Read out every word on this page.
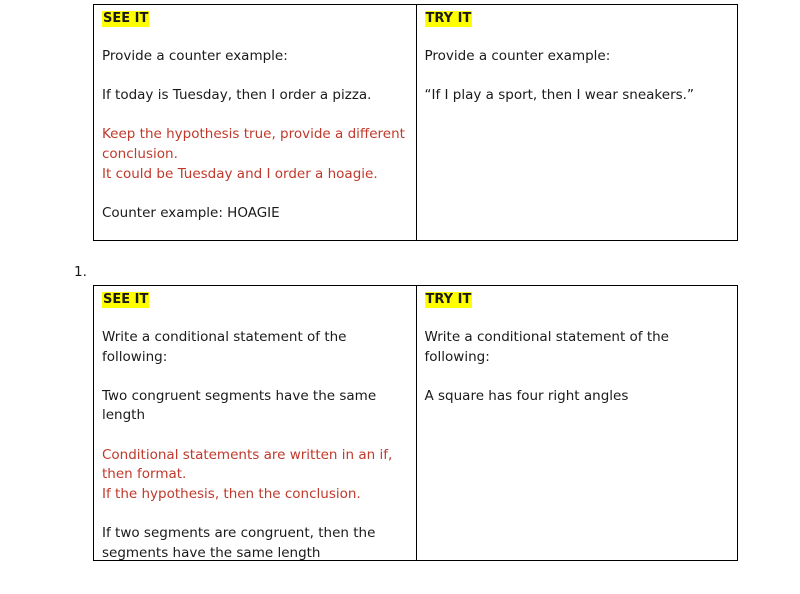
SEE IT
Provide a counter example:
If today is Tuesday, then I order a pizza.
Keep the hypothesis true, provide a different
conclusion.
It could be Tuesday and I order a hoagie.
Counter example: HOAGIE
TRY IT
Provide a counter example:
“If I play a sport, then I wear sneakers.”
1.
SEE IT
Write a conditional statement of the following:
Two congruent segments have the same
length
Conditional statements are written in an if,
then format.
If the hypothesis, then the conclusion.
If two segments are congruent, then the
segments have the same length
TRY IT
Write a conditional statement of the following:
A square has four right angles
